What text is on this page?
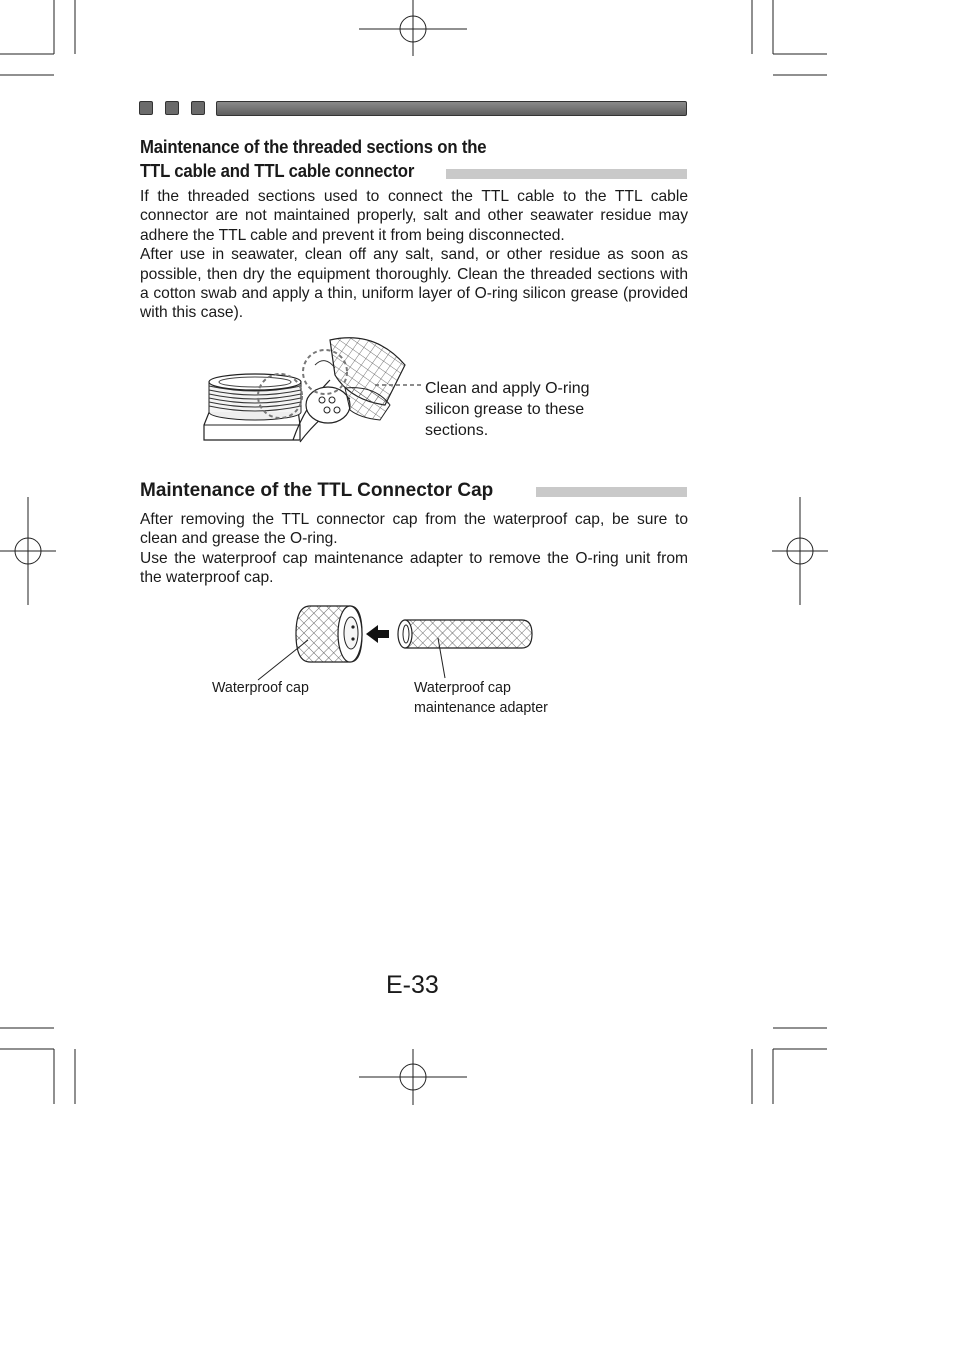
Maintenance of the threaded sections on the
TTL cable and TTL cable connector

If the threaded sections used to connect the TTL cable to the TTL cable connector are not maintained properly, salt and other seawater residue may adhere the TTL cable and prevent it from being disconnected.

After use in seawater, clean off any salt, sand, or other residue as soon as possible, then dry the equipment thoroughly. Clean the threaded sections with a cotton swab and apply a thin, uniform layer of O-ring silicon grease (provided with this case).

Clean and apply O-ring
silicon grease to these
sections.
Maintenance of the TTL Connector Cap

After removing the TTL connector cap from the waterproof cap, be sure to clean and grease the O-ring.

Use the waterproof cap maintenance adapter to remove the O-ring unit from the waterproof cap.

Waterproof cap	Waterproof cap
maintenance adapter
E-33
